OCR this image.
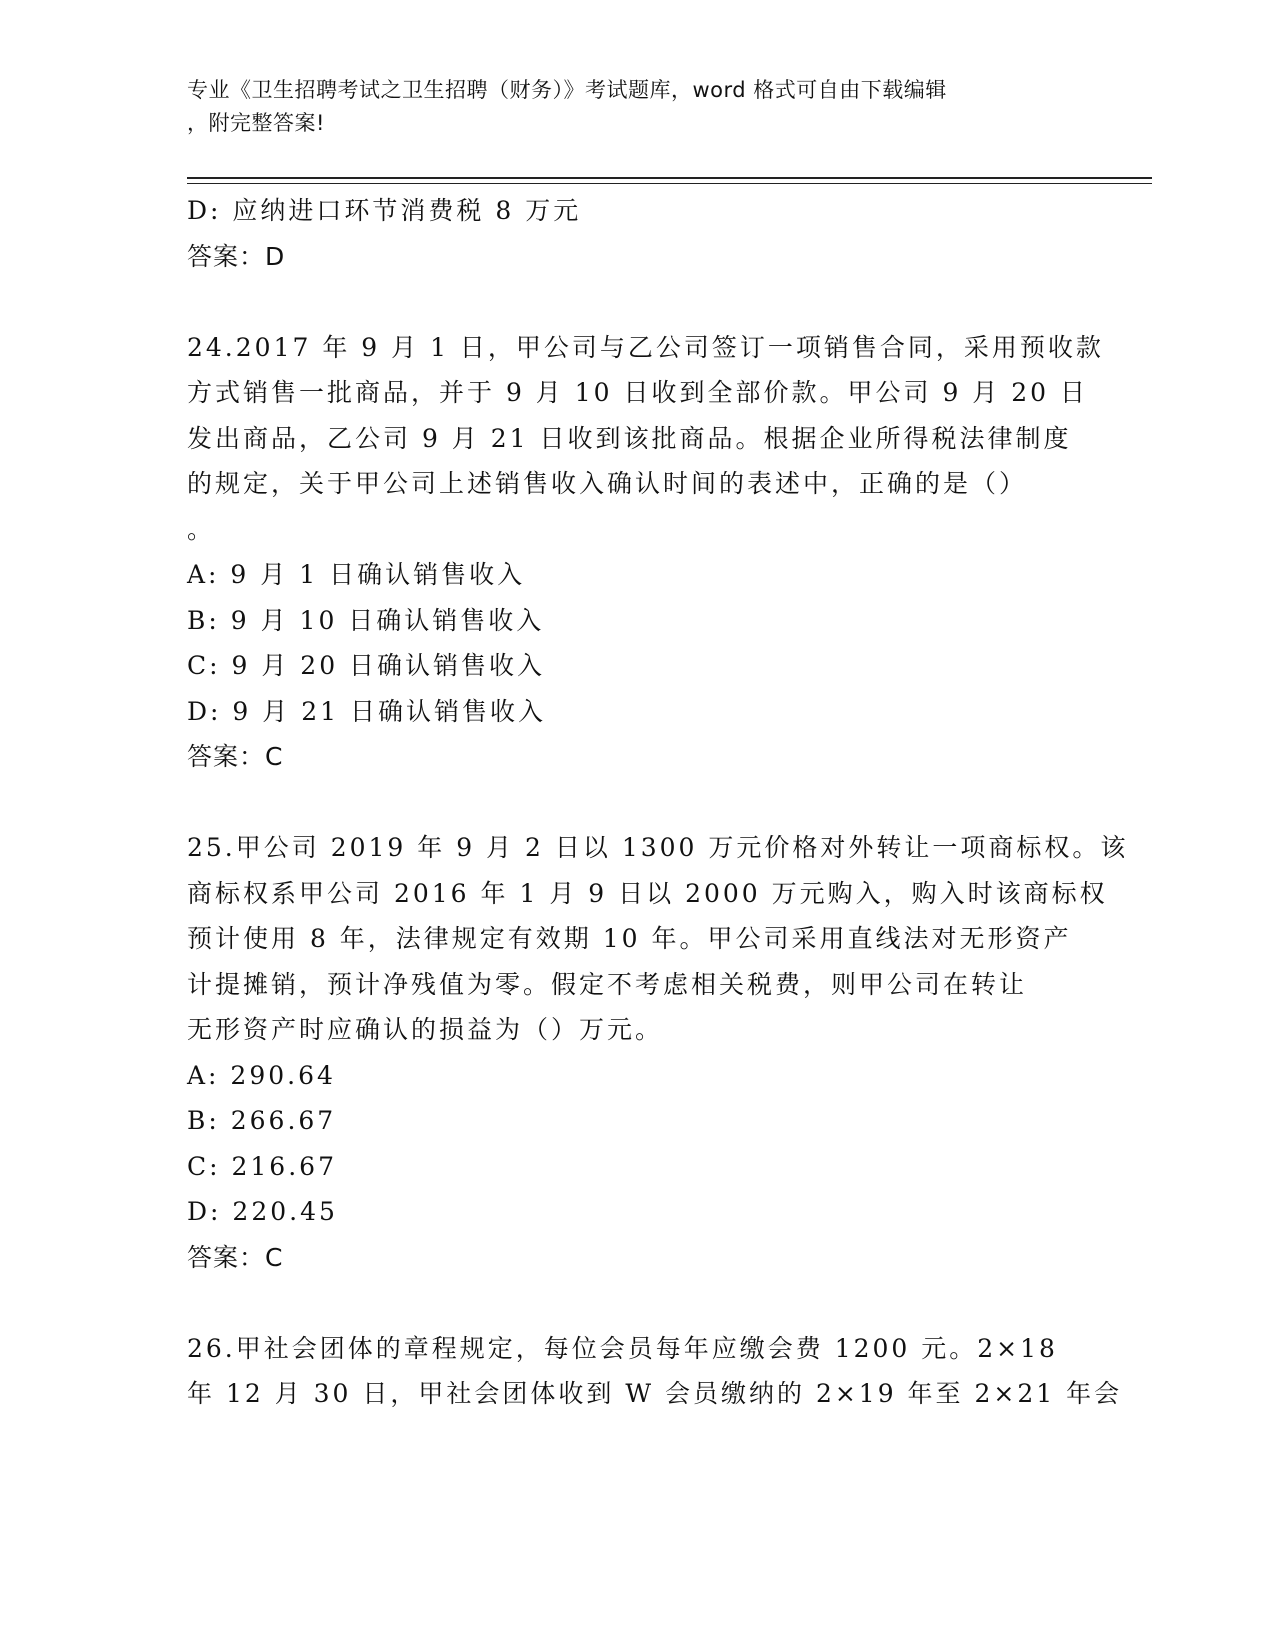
专业《卫生招聘考试之卫生招聘（财务）》考试题库，word 格式可自由下载编辑
，附完整答案!
D: 应纳进口环节消费税 8 万元
答案：D
24.2017 年 9 月 1 日，甲公司与乙公司签订一项销售合同，采用预收款
方式销售一批商品，并于 9 月 10 日收到全部价款。甲公司 9 月 20 日
发出商品，乙公司 9 月 21 日收到该批商品。根据企业所得税法律制度
的规定，关于甲公司上述销售收入确认时间的表述中，正确的是（）
。
A: 9 月 1 日确认销售收入
B: 9 月 10 日确认销售收入
C: 9 月 20 日确认销售收入
D: 9 月 21 日确认销售收入
答案：C
25.甲公司 2019 年 9 月 2 日以 1300 万元价格对外转让一项商标权。该
商标权系甲公司 2016 年 1 月 9 日以 2000 万元购入，购入时该商标权
预计使用 8 年，法律规定有效期 10 年。甲公司采用直线法对无形资产
计提摊销，预计净残值为零。假定不考虑相关税费，则甲公司在转让
无形资产时应确认的损益为（）万元。
A: 290.64
B: 266.67
C: 216.67
D: 220.45
答案：C
26.甲社会团体的章程规定，每位会员每年应缴会费 1200 元。2×18
年 12 月 30 日，甲社会团体收到 W 会员缴纳的 2×19 年至 2×21 年会
